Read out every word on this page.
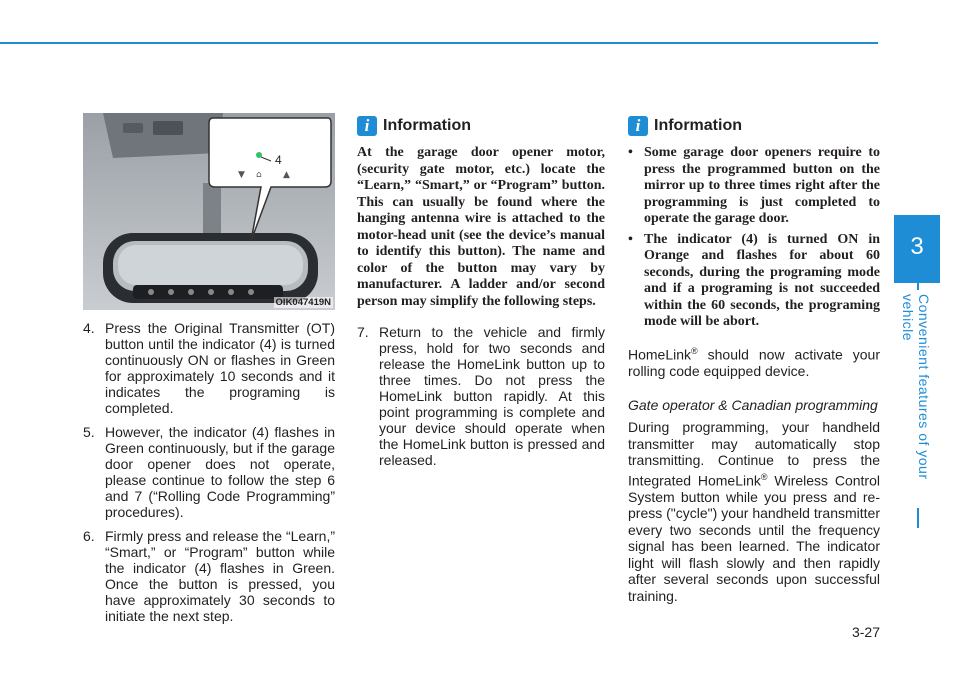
▼ ⌂ ▲
4
OIK047419N
4. Press the Original Transmitter (OT) button until the indicator (4) is turned continuously ON or flashes in Green for approximately 10 seconds and it indicates the programing is completed.
5. However, the indicator (4) flashes in Green continuously, but if the garage door opener does not operate, please continue to follow the step 6 and 7 (“Rolling Code Programming” procedures).
6. Firmly press and release the “Learn,” “Smart,” or “Program” button while the indicator (4) flashes in Green. Once the button is pressed, you have approximately 30 seconds to initiate the next step.
i Information

At the garage door opener motor, (security gate motor, etc.) locate the “Learn,” “Smart,” or “Program” button. This can usually be found where the hanging antenna wire is attached to the motor-head unit (see the device’s manual to identify this button). The name and color of the button may vary by manufacturer. A ladder and/or second person may simplify the following steps.

7. Return to the vehicle and firmly press, hold for two seconds and release the HomeLink button up to three times. Do not press the HomeLink button rapidly. At this point programming is complete and your device should operate when the HomeLink button is pressed and released.
i Information
• Some garage door openers require to press the programmed button on the mirror up to three times right after the programming is just completed to operate the garage door.
• The indicator (4) is turned ON in Orange and flashes for about 60 seconds, during the programing mode and if a programing is not succeeded within the 60 seconds, the programing mode will be abort.

HomeLink® should now activate your rolling code equipped device.

Gate operator & Canadian programming

During programming, your handheld transmitter may automatically stop transmitting. Continue to press the Integrated HomeLink® Wireless Control System button while you press and re-press ("cycle") your handheld transmitter every two seconds until the frequency signal has been learned. The indicator light will flash slowly and then rapidly after several seconds upon successful training.

3
Convenient features of your vehicle
3-27
